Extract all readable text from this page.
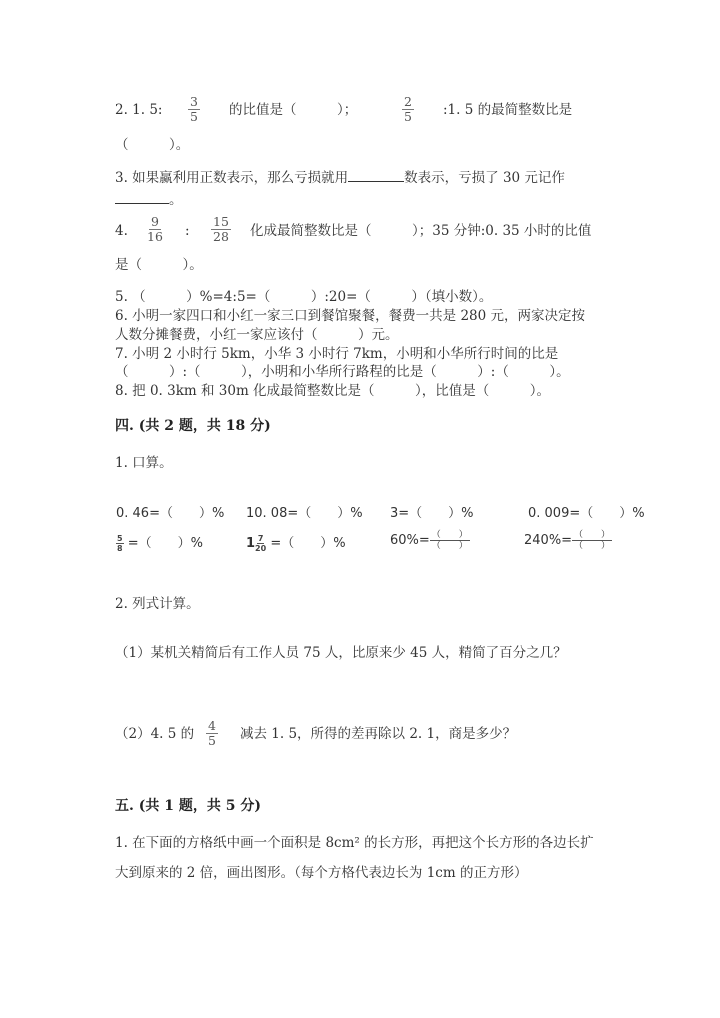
2. 1. 5: $\frac{3}{5}$ 的比值是（　　　）；	$\frac{2}{5}$ :1. 5 的最简整数比是
（　　　）。
3. 如果赢利用正数表示，那么亏损就用	数表示，亏损了 30 元记作
。
4. $\frac{9}{16}$ : $\frac{15}{28}$ 化成最简整数比是（　　　）；35 分钟:0. 35 小时的比值
是（　　　）。
5. （　　　）%=4:5=（　　　）:20=（　　　）（填小数）。
6. 小明一家四口和小红一家三口到餐馆聚餐，餐费一共是 280 元，两家决定按
人数分摊餐费，小红一家应该付（　　　）元。
7. 小明 2 小时行 5km，小华 3 小时行 7km，小明和小华所行时间的比是
（　　　）:（　　　），小明和小华所行路程的比是（　　　）:（　　　）。
8. 把 0. 3km 和 30m 化成最简整数比是（　　　），比值是（　　　）。
四. (共 2 题，共 18 分)
1. 口算。
0. 46=（　　）% 10. 08=（　　）% 3=（　　）%	0. 009=（　　）%
$\frac{5}{8}$ =（　　）%	$1 \frac{7}{20}$ =（　　）%	$60\%= \frac{( )}{( )}$	$240\%= \frac{( )}{( )}$
2. 列式计算。
（1）某机关精简后有工作人员 75 人，比原来少 45 人，精简了百分之几？
（2）4. 5 的 $\frac{4}{5}$ 减去 1. 5，所得的差再除以 2. 1，商是多少？
五. (共 1 题，共 5 分)
1. 在下面的方格纸中画一个面积是 8cm² 的长方形，再把这个长方形的各边长扩
大到原来的 2 倍，画出图形。（每个方格代表边长为 1cm 的正方形）
